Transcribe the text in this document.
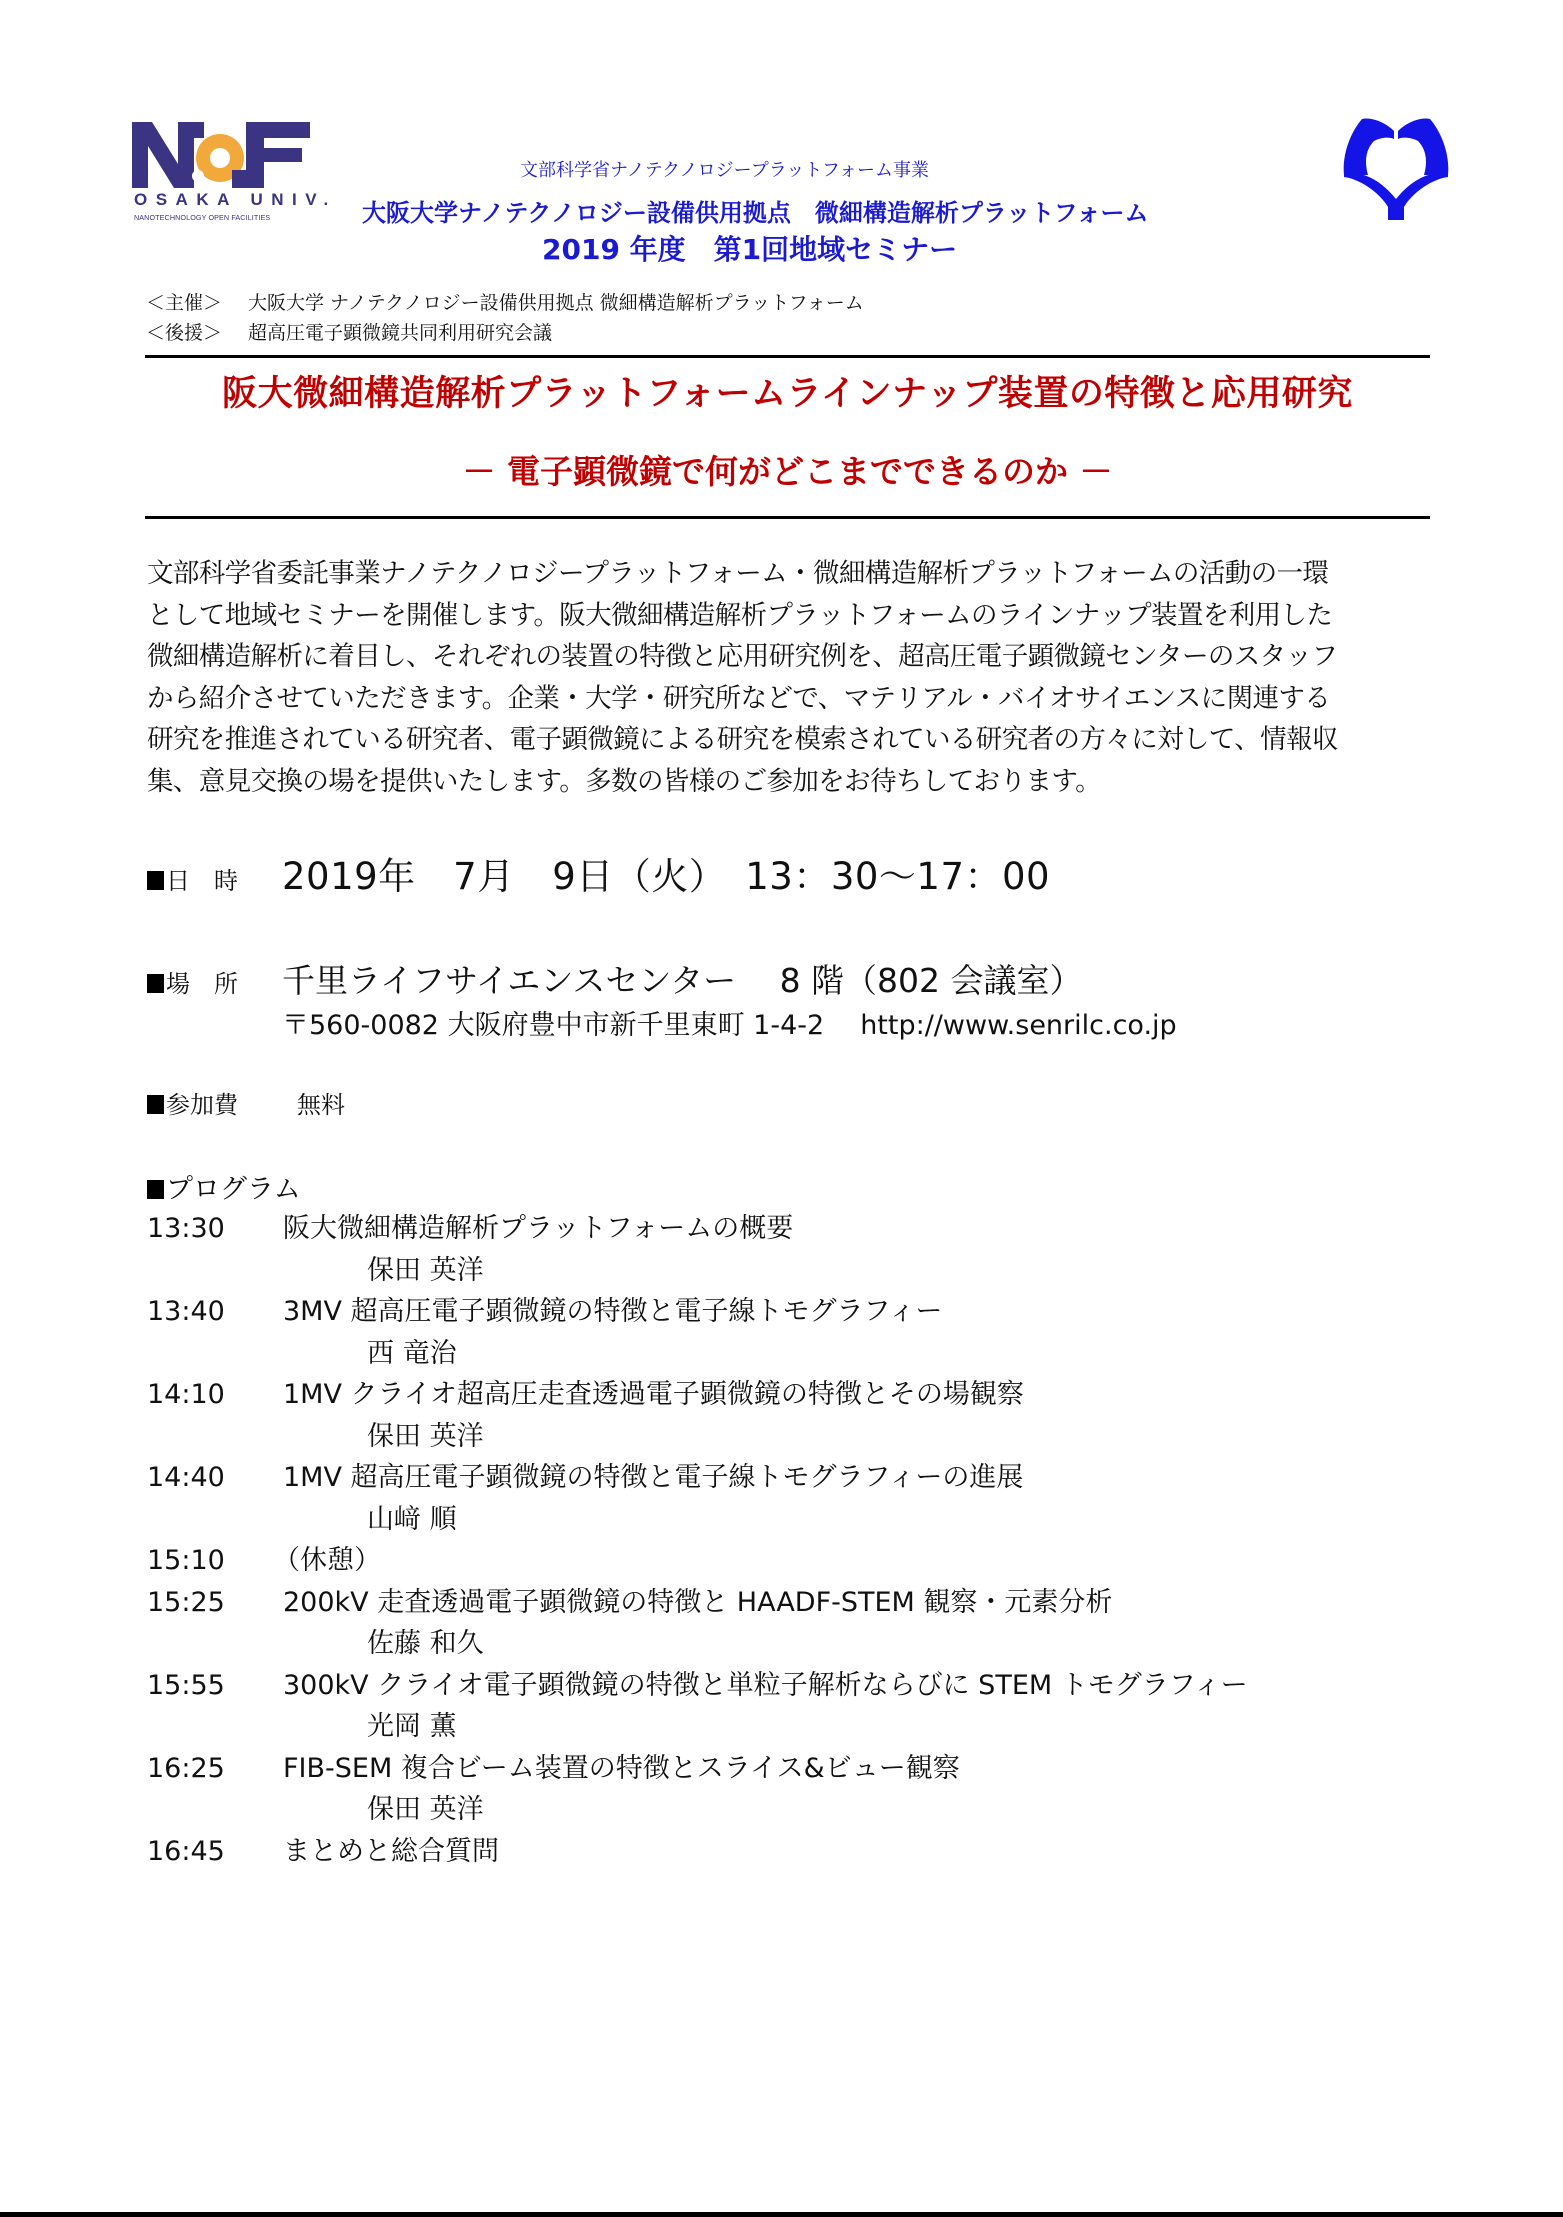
OSAKA UNIV.
NANOTECHNOLOGY OPEN FACILITIES
文部科学省ナノテクノロジープラットフォーム事業
大阪大学ナノテクノロジー設備供用拠点　微細構造解析プラットフォーム
2019 年度　第1回地域セミナー
＜主催＞ 大阪大学 ナノテクノロジー設備供用拠点 微細構造解析プラットフォーム
＜後援＞ 超高圧電子顕微鏡共同利用研究会議
阪大微細構造解析プラットフォームラインナップ装置の特徴と応用研究
－ 電子顕微鏡で何がどこまでできるのか －
文部科学省委託事業ナノテクノロジープラットフォーム・微細構造解析プラットフォームの活動の一環
として地域セミナーを開催します。阪大微細構造解析プラットフォームのラインナップ装置を利用した
微細構造解析に着目し、それぞれの装置の特徴と応用研究例を、超高圧電子顕微鏡センターのスタッフ
から紹介させていただきます。企業・大学・研究所などで、マテリアル・バイオサイエンスに関連する
研究を推進されている研究者、電子顕微鏡による研究を模索されている研究者の方々に対して、情報収
集、意見交換の場を提供いたします。多数の皆様のご参加をお待ちしております。
日　時 2019年　7月　9日（火）　13：30〜17：00
場　所 千里ライフサイエンスセンター　 8 階（802 会議室）
〒560-0082 大阪府豊中市新千里東町 1-4-2 http://www.senrilc.co.jp
参加費 無料
プログラム
13:30 阪大微細構造解析プラットフォームの概要
保田 英洋
13:40 3MV 超高圧電子顕微鏡の特徴と電子線トモグラフィー
西 竜治
14:10 1MV クライオ超高圧走査透過電子顕微鏡の特徴とその場観察
保田 英洋
14:40 1MV 超高圧電子顕微鏡の特徴と電子線トモグラフィーの進展
山﨑 順
15:10 （休憩）
15:25 200kV 走査透過電子顕微鏡の特徴と HAADF-STEM 観察・元素分析
佐藤 和久
15:55 300kV クライオ電子顕微鏡の特徴と単粒子解析ならびに STEM トモグラフィー
光岡 薫
16:25 FIB-SEM 複合ビーム装置の特徴とスライス&ビュー観察
保田 英洋
16:45 まとめと総合質問
